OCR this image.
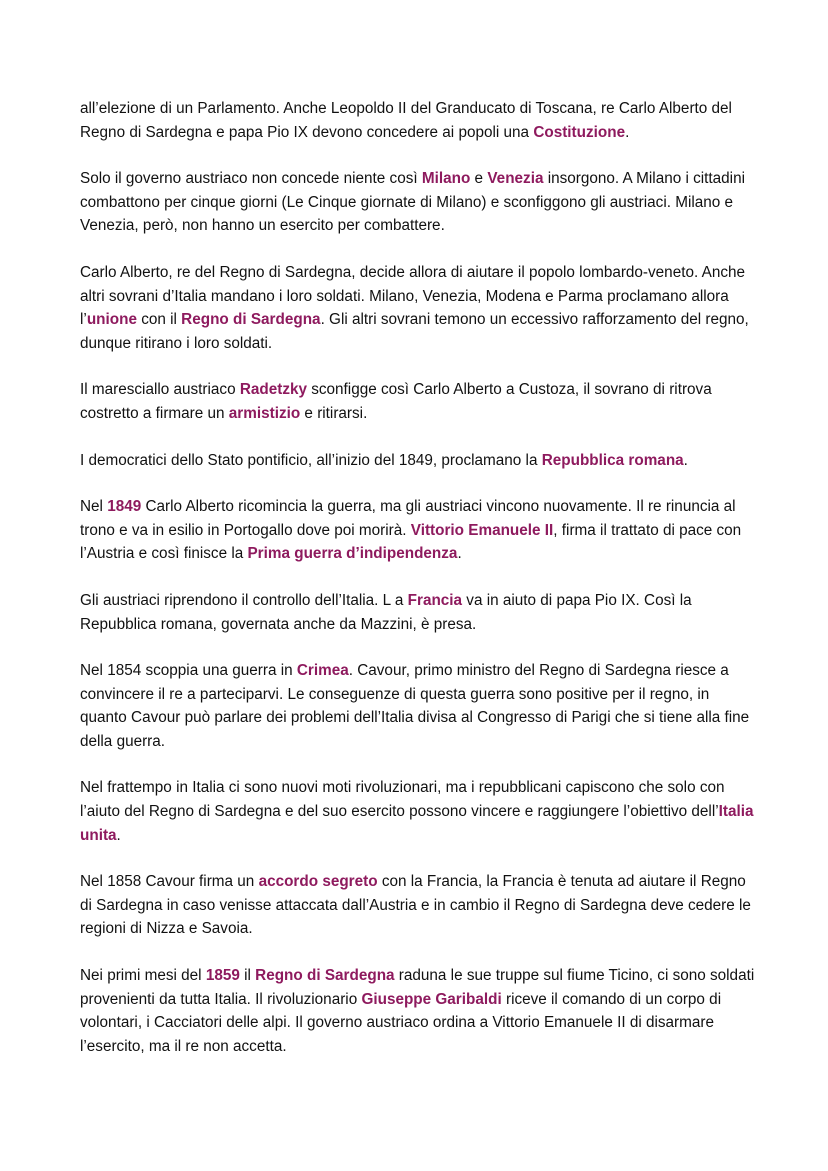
all’elezione di un Parlamento. Anche Leopoldo II del Granducato di Toscana, re Carlo Alberto del Regno di Sardegna e papa Pio IX devono concedere ai popoli una Costituzione.

Solo il governo austriaco non concede niente così Milano e Venezia insorgono. A Milano i cittadini combattono per cinque giorni (Le Cinque giornate di Milano) e sconfiggono gli austriaci. Milano e Venezia, però, non hanno un esercito per combattere.

Carlo Alberto, re del Regno di Sardegna, decide allora di aiutare il popolo lombardo-veneto. Anche altri sovrani d’Italia mandano i loro soldati. Milano, Venezia, Modena e Parma proclamano allora l’unione con il Regno di Sardegna. Gli altri sovrani temono un eccessivo rafforzamento del regno, dunque ritirano i loro soldati.

Il maresciallo austriaco Radetzky sconfigge così Carlo Alberto a Custoza, il sovrano di ritrova costretto a firmare un armistizio e ritirarsi.

I democratici dello Stato pontificio, all’inizio del 1849, proclamano la Repubblica romana.

Nel 1849 Carlo Alberto ricomincia la guerra, ma gli austriaci vincono nuovamente. Il re rinuncia al trono e va in esilio in Portogallo dove poi morirà. Vittorio Emanuele II, firma il trattato di pace con l’Austria e così finisce la Prima guerra d’indipendenza.

Gli austriaci riprendono il controllo dell’Italia. L a Francia va in aiuto di papa Pio IX. Così la Repubblica romana, governata anche da Mazzini, è presa.

Nel 1854 scoppia una guerra in Crimea. Cavour, primo ministro del Regno di Sardegna riesce a convincere il re a parteciparvi. Le conseguenze di questa guerra sono positive per il regno, in quanto Cavour può parlare dei problemi dell’Italia divisa al Congresso di Parigi che si tiene alla fine della guerra.

Nel frattempo in Italia ci sono nuovi moti rivoluzionari, ma i repubblicani capiscono che solo con l’aiuto del Regno di Sardegna e del suo esercito possono vincere e raggiungere l’obiettivo dell’Italia unita.

Nel 1858 Cavour firma un accordo segreto con la Francia, la Francia è tenuta ad aiutare il Regno di Sardegna in caso venisse attaccata dall’Austria e in cambio il Regno di Sardegna deve cedere le regioni di Nizza e Savoia.

Nei primi mesi del 1859 il Regno di Sardegna raduna le sue truppe sul fiume Ticino, ci sono soldati provenienti da tutta Italia. Il rivoluzionario Giuseppe Garibaldi riceve il comando di un corpo di volontari, i Cacciatori delle alpi. Il governo austriaco ordina a Vittorio Emanuele II di disarmare l’esercito, ma il re non accetta.
